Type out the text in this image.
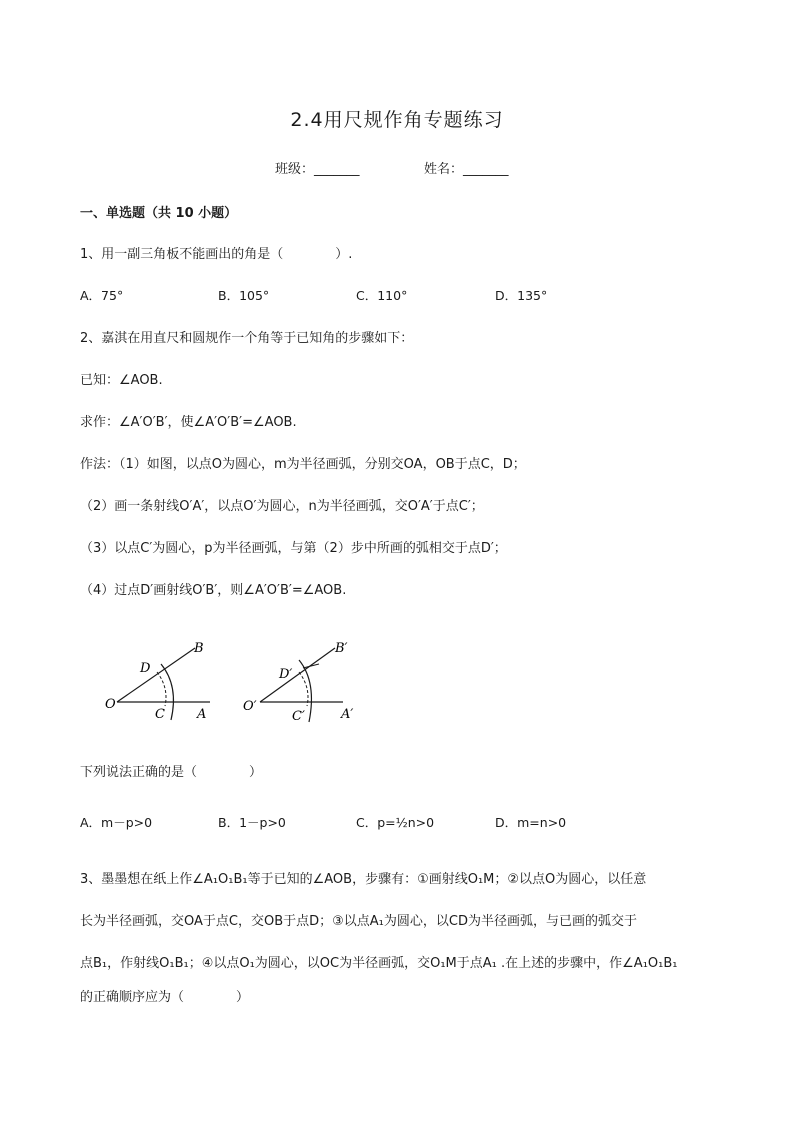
2.4用尺规作角专题练习
班级：_______	姓名：_______
一、单选题（共 10 小题）
1、用一副三角板不能画出的角是（　　　　）.
A．75°	B．105°	C．110°	D．135°
2、嘉淇在用直尺和圆规作一个角等于已知角的步骤如下：
已知：∠AOB.
求作：∠A′O′B′，使∠A′O′B′=∠AOB.
作法：（1）如图，以点O为圆心，m为半径画弧，分别交OA，OB于点C，D；
（2）画一条射线O′A′，以点O′为圆心，n为半径画弧，交O′A′于点C′；
（3）以点C′为圆心，p为半径画弧，与第（2）步中所画的弧相交于点D′；
（4）过点D′画射线O′B′，则∠A′O′B′=∠AOB.
O
C A
D
B
O′
C′	A′
D′
B′
下列说法正确的是（　　　　）
A．m－p>0	B．1－p>0	C．p=½n>0	D．m=n>0
3、墨墨想在纸上作∠A₁O₁B₁等于已知的∠AOB，步骤有：①画射线O₁M；②以点O为圆心，以任意
长为半径画弧，交OA于点C，交OB于点D；③以点A₁为圆心，以CD为半径画弧，与已画的弧交于
点B₁，作射线O₁B₁；④以点O₁为圆心，以OC为半径画弧，交O₁M于点A₁ .在上述的步骤中，作∠A₁O₁B₁
的正确顺序应为（　　　　）
